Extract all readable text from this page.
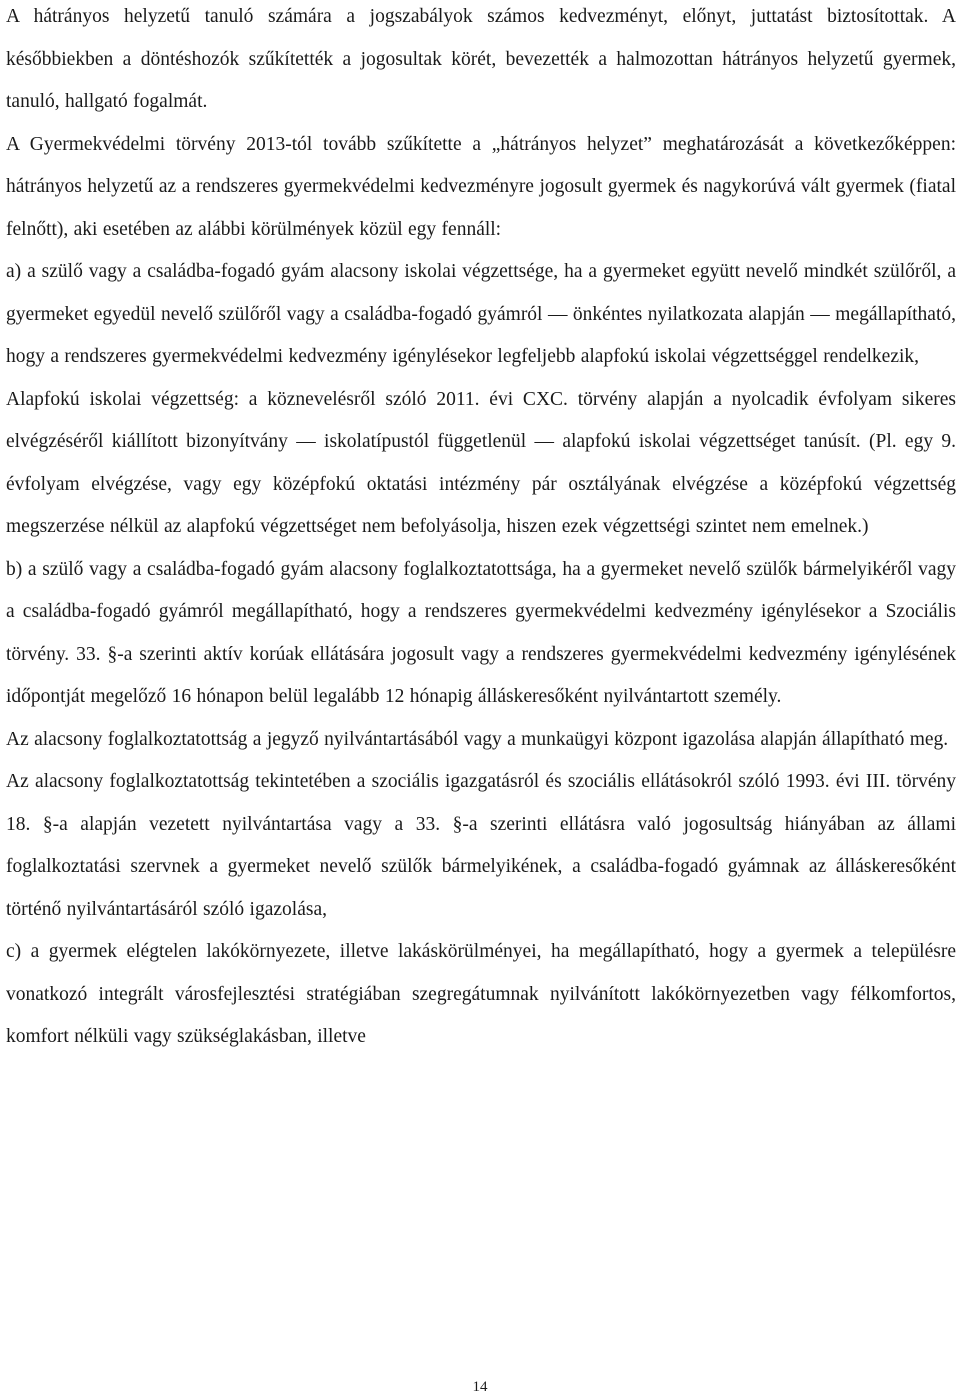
A hátrányos helyzetű tanuló számára a jogszabályok számos kedvezményt, előnyt, juttatást biztosítottak. A későbbiekben a döntéshozók szűkítették a jogosultak körét, bevezették a halmozottan hátrányos helyzetű gyermek, tanuló, hallgató fogalmát.

A Gyermekvédelmi törvény 2013-tól tovább szűkítette a „hátrányos helyzet” meghatározását a következőképpen: hátrányos helyzetű az a rendszeres gyermekvédelmi kedvezményre jogosult gyermek és nagykorúvá vált gyermek (fiatal felnőtt), aki esetében az alábbi körülmények közül egy fennáll:

a) a szülő vagy a családba-fogadó gyám alacsony iskolai végzettsége, ha a gyermeket együtt nevelő mindkét szülőről, a gyermeket egyedül nevelő szülőről vagy a családba-fogadó gyámról — önkéntes nyilatkozata alapján — megállapítható, hogy a rendszeres gyermekvédelmi kedvezmény igénylésekor legfeljebb alapfokú iskolai végzettséggel rendelkezik,

Alapfokú iskolai végzettség: a köznevelésről szóló 2011. évi CXC. törvény alapján a nyolcadik évfolyam sikeres elvégzéséről kiállított bizonyítvány — iskolatípustól függetlenül — alapfokú iskolai végzettséget tanúsít. (Pl. egy 9. évfolyam elvégzése, vagy egy középfokú oktatási intézmény pár osztályának elvégzése a középfokú végzettség megszerzése nélkül az alapfokú végzettséget nem befolyásolja, hiszen ezek végzettségi szintet nem emelnek.)

b) a szülő vagy a családba-fogadó gyám alacsony foglalkoztatottsága, ha a gyermeket nevelő szülők bármelyikéről vagy a családba-fogadó gyámról megállapítható, hogy a rendszeres gyermekvédelmi kedvezmény igénylésekor a Szociális törvény. 33. §-a szerinti aktív korúak ellátására jogosult vagy a rendszeres gyermekvédelmi kedvezmény igénylésének időpontját megelőző 16 hónapon belül legalább 12 hónapig álláskeresőként nyilvántartott személy.

Az alacsony foglalkoztatottság a jegyző nyilvántartásából vagy a munkaügyi központ igazolása alapján állapítható meg.

Az alacsony foglalkoztatottság tekintetében a szociális igazgatásról és szociális ellátásokról szóló 1993. évi III. törvény 18. §-a alapján vezetett nyilvántartása vagy a 33. §-a szerinti ellátásra való jogosultság hiányában az állami foglalkoztatási szervnek a gyermeket nevelő szülők bármelyikének, a családba-fogadó gyámnak az álláskeresőként történő nyilvántartásáról szóló igazolása,

c) a gyermek elégtelen lakókörnyezete, illetve lakáskörülményei, ha megállapítható, hogy a gyermek a településre vonatkozó integrált városfejlesztési stratégiában szegregátumnak nyilvánított lakókörnyezetben vagy félkomfortos, komfort nélküli vagy szükséglakásban, illetve

14
